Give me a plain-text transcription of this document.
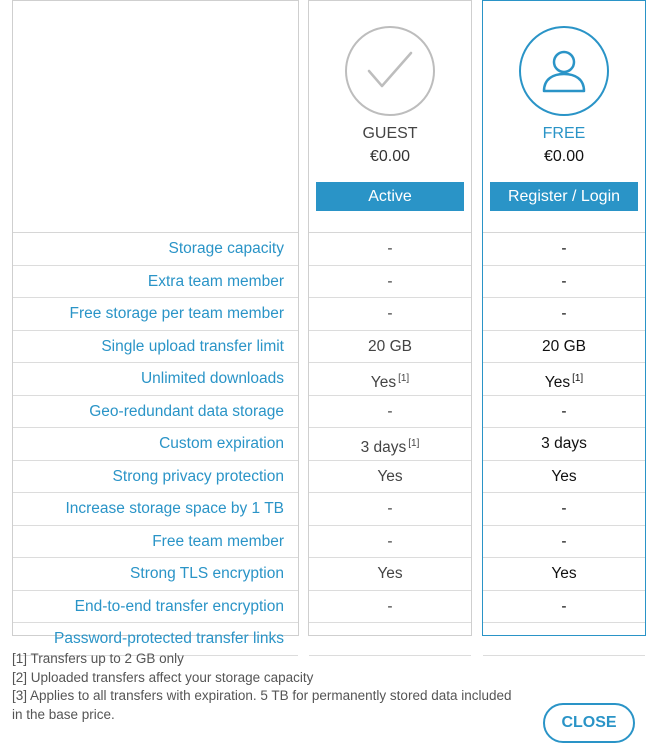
Storage capacity
Extra team member
Free storage per team member
Single upload transfer limit
Unlimited downloads
Geo-redundant data storage
Custom expiration
Strong privacy protection
Increase storage space by 1 TB
Free team member
Strong TLS encryption
End-to-end transfer encryption
Password-protected transfer links
GUEST
€0.00
Active
-
-
-
20 GB
Yes [1]
-
3 days [1]
Yes
-
-
Yes
-
FREE
€0.00
Register / Login
-
-
-
20 GB
Yes [1]
-
3 days
Yes
-
-
Yes
-
[1] Transfers up to 2 GB only
[2] Uploaded transfers affect your storage capacity
[3] Applies to all transfers with expiration. 5 TB for permanently stored data included in the base price.	CLOSE
